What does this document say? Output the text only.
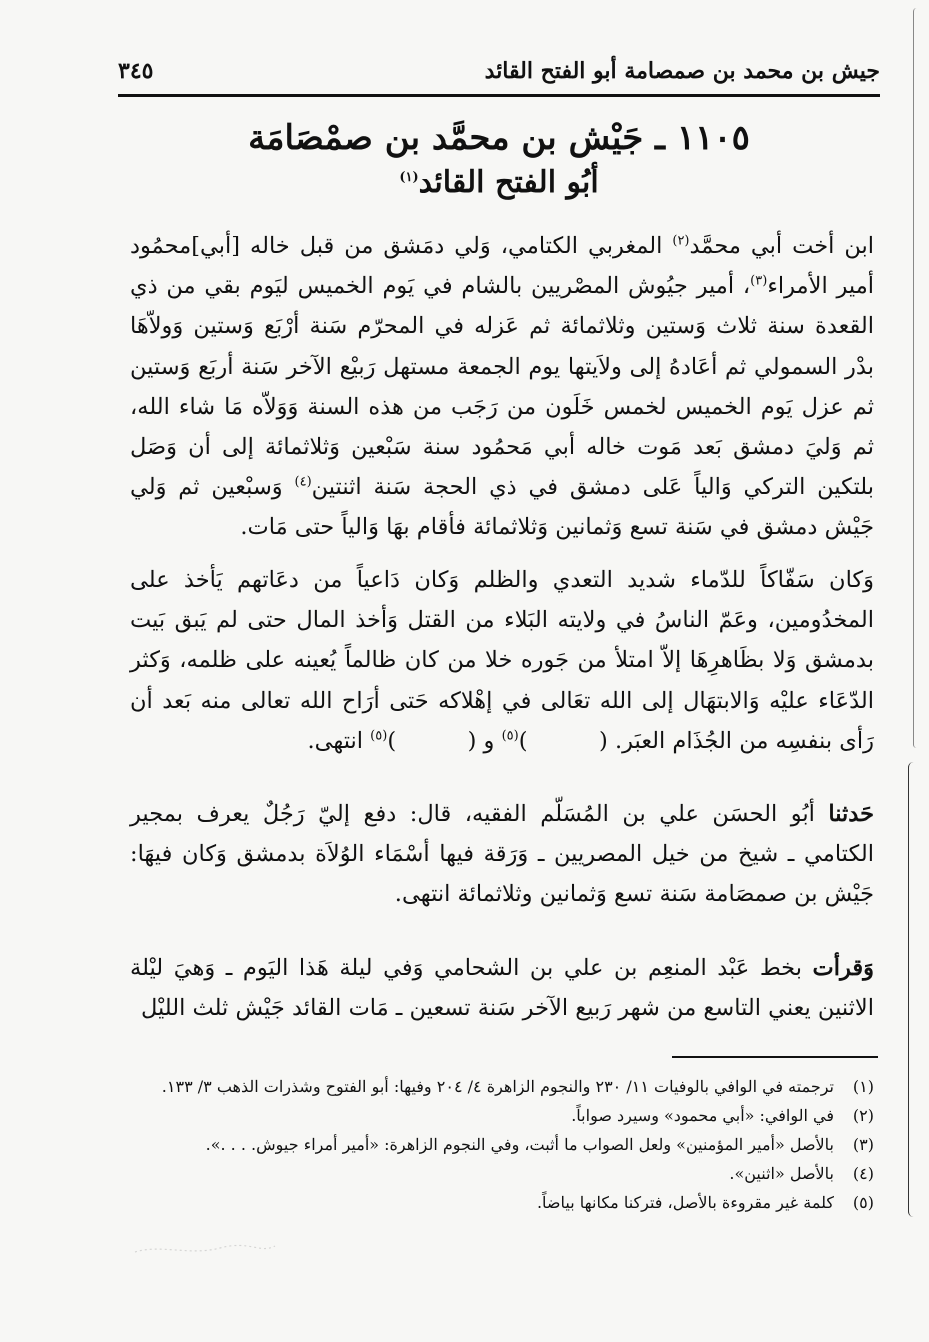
جيش بن محمد بن صمصامة أبو الفتح القائد
٣٤٥
١١٠٥ ـ جَيْش بن محمَّد بن صمْصَامَة
أبُو الفتح القائد$^{(١)}$
ابن أخت أبي محمَّد$^{(٢)}$ المغربي الكتامي، وَلي دمَشق من قبل خاله [أبي]محمُود أمير الأمراء$^{(٣)}$، أمير جيُوش المصْريين بالشام في يَوم الخميس ليَوم بقي من ذي القعدة سنة ثلاث وَستين وثلاثمائة ثم عَزله في المحرّم سَنة أرْبَع وَستين وَولاّهَا بدْر السمولي ثم أعَادهُ إلى ولاَيتها يوم الجمعة مستهل رَبيْع الآخر سَنة أربَع وَستين ثم عزل يَوم الخميس لخمس خَلَون من رَجَب من هذه السنة وَوَلاّه مَا شاء الله، ثم وَليَ دمشق بَعد مَوت خاله أبي مَحمُود سنة سَبْعين وَثلاثمائة إلى أن وَصَل بلتكين التركي وَالياً عَلى دمشق في ذي الحجة سَنة اثنتين$^{(٤)}$ وَسبْعين ثم وَلي جَيْش دمشق في سَنة تسع وَثمانين وَثلاثمائة فأقام بهَا وَالياً حتى مَات.
وَكان سَفّاكاً للدّماء شديد التعدي والظلم وَكان دَاعياً من دعَاتهم يَأخذ على المخدُومين، وعَمّ الناسُ في ولايته البَلاء من القتل وَأخذ المال حتى لم يَبق بَيت بدمشق وَلا بظَاهرِهَا إلاّ امتلأ من جَوره خلا من كان ظالماً يُعينه على ظلمه، وَكثر الدّعَاء عليْه وَالابتهَال إلى الله تعَالى في إهْلاكه حَتى أرَاح الله تعالى منه بَعد أن رَأى بنفسِه من الجُذَام العبَر. (          )$^{(٥)}$ و (          )$^{(٥)}$ انتهى.
حَدثنا أبُو الحسَن علي بن المُسَلّم الفقيه، قال: دفع إليّ رَجُلٌ يعرف بمجير الكتامي ـ شيخ من خيل المصريين ـ وَرَقة فيها أسْمَاء الوُلاَة بدمشق وَكان فيهَا: جَيْش بن صمصَامة سَنة تسع وَثمانين وثلاثمائة انتهى.
وَقرأت بخط عَبْد المنعِم بن علي بن الشحامي وَفي ليلة هَذا اليَوم ـ وَهيَ ليْلة الاثنين يعني التاسع من شهر رَبيع الآخر سَنة تسعين ـ مَات القائد جَيْش ثلث الليْل
(١)
ترجمته في الوافي بالوفيات ١١/ ٢٣٠ والنجوم الزاهرة ٤/ ٢٠٤ وفيها: أبو الفتوح وشذرات الذهب ٣/ ١٣٣.
(٢)
في الوافي: «أبي محمود» وسيرد صواباً.
(٣)
بالأصل «أمير المؤمنين» ولعل الصواب ما أثبت، وفي النجوم الزاهرة: «أمير أمراء جيوش. . . .».
(٤)
بالأصل «اثنين».
(٥)
كلمة غير مقروءة بالأصل، فتركنا مكانها بياضاً.
